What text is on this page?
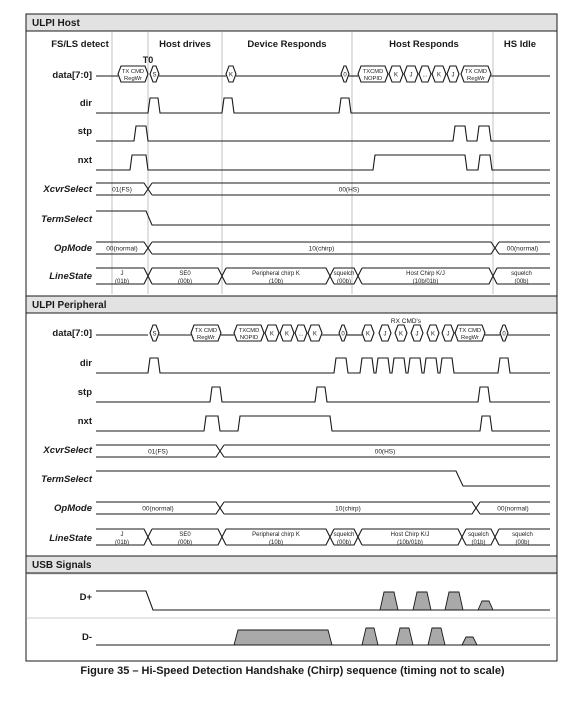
ULPI Host
ULPI Peripheral
USB Signals
FS/LS detect	Host drives	Device Responds	Host Responds	HS Idle
T0
data[7:0]
dir
stp
nxt
XcvrSelect
TermSelect
OpMode
LineState
data[7:0]
dir
stp
nxt
XcvrSelect
TermSelect
OpMode
LineState
TX CMD
RegWr
S	K	0
TXCMD
NOPID
K J ... K J
TX CMD
RegWr
01(FS)	00(HS)
00(normal)	10(chirp)	00(normal)
J
(01b)
SE0
(00b)
Peripheral chirp K
(10b)
squelch
(00b)
Host Chirp K/J
(10b/01b)
squelch
(00b)
S
TX CMD
RegWr
TXCMD
NOPID
K K ... K	0
RX CMD's
K J K J K J
TX CMD
RegWr
0
01(FS)	00(HS)
00(normal)	10(chirp)	00(normal)
J
(01b)
SE0
(00b)
Peripheral chirp K
(10b)
squelch
(00b)
Host Chirp K/J
(10b/01b)
squelch
(01b)
squelch
(00b)
D+
D-
Figure 35 – Hi-Speed Detection Handshake (Chirp) sequence (timing not to scale)
